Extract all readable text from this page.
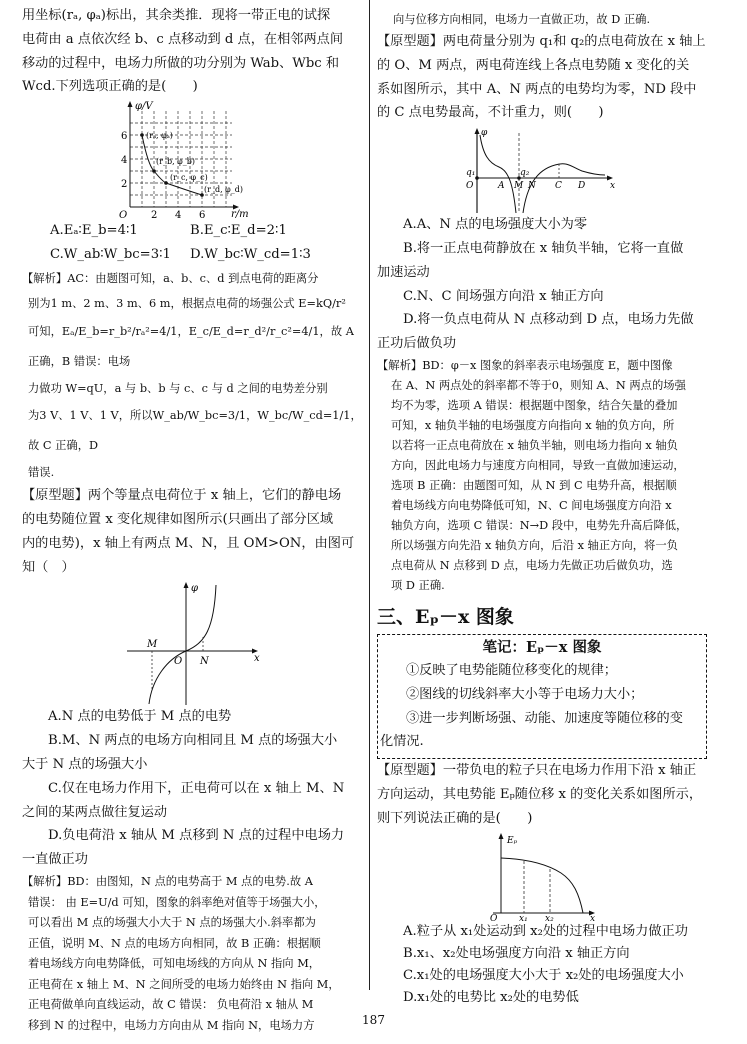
用坐标(rₐ, φₐ)标出，其余类推．现将一带正电的试探

电荷由 a 点依次经 b、c 点移动到 d 点，在相邻两点间

移动的过程中，电场力所做的功分别为 Wab、Wbc 和

Wcd.下列选项正确的是(　　)

φ/V
r/m
O
2
4
6
2 4 6
(rₐ, φₐ)
(r_b, φ_b)
(r_c, φ_c)
(r_d, φ_d)
A.Eₐ∶E_b=4∶1	B.E_c∶E_d=2∶1
C.W_ab∶W_bc=3∶1	D.W_bc∶W_cd=1∶3

【解析】AC：由题图可知，a、b、c、d 到点电荷的距离分

别为1 m、2 m、3 m、6 m，根据点电荷的场强公式 E=kQ/r²

可知，Eₐ/E_b=r_b²/rₐ²=4/1，E_c/E_d=r_d²/r_c²=4/1，故 A 正确，B 错误：电场

力做功 W=qU，a 与 b、b 与 c、c 与 d 之间的电势差分别

为3 V、1 V、1 V，所以W_ab/W_bc=3/1，W_bc/W_cd=1/1，故 C 正确，D

错误.

【原型题】两个等量点电荷位于 x 轴上，它们的静电场

的电势随位置 x 变化规律如图所示(只画出了部分区域

内的电势)，x 轴上有两点 M、N，且 OM>ON，由图可

知（　）

φ
x
O
M
N

A.N 点的电势低于 M 点的电势

B.M、N 两点的电场方向相同且 M 点的场强大小

大于 N 点的场强大小

C.仅在电场力作用下，正电荷可以在 x 轴上 M、N

之间的某两点做往复运动

D.负电荷沿 x 轴从 M 点移到 N 点的过程中电场力

一直做正功

【解析】BD：由图知，N 点的电势高于 M 点的电势.故 A

错误： 由 E=U/d 可知，图象的斜率绝对值等于场强大小，

可以看出 M 点的场强大小大于 N 点的场强大小.斜率都为

正值，说明 M、N 点的电场方向相同，故 B 正确：根据顺

着电场线方向电势降低，可知电场线的方向从 N 指向 M，

正电荷在 x 轴上 M、N 之间所受的电场力始终由 N 指向 M，

正电荷做单向直线运动，故 C 错误： 负电荷沿 x 轴从 M

移到 N 的过程中，电场力方向由从 M 指向 N，电场力方

向与位移方向相同，电场力一直做正功，故 D 正确.

【原型题】两电荷量分别为 q₁和 q₂的点电荷放在 x 轴上

的 O、M 两点，两电荷连线上各点电势随 x 变化的关

系如图所示，其中 A、N 两点的电势均为零，ND 段中

的 C 点电势最高，不计重力，则(　　)

φ
x
q₁	q₂
O	A M N C D

A.A、N 点的电场强度大小为零

B.将一正点电荷静放在 x 轴负半轴，它将一直做

加速运动

C.N、C 间场强方向沿 x 轴正方向

D.将一负点电荷从 N 点移动到 D 点，电场力先做

正功后做负功

【解析】BD：φ－x 图象的斜率表示电场强度 E，题中图像

在 A、N 两点处的斜率都不等于0，则知 A、N 两点的场强

均不为零，选项 A 错误：根据题中图象，结合矢量的叠加

可知，x 轴负半轴的电场强度方向指向 x 轴的负方向，所

以若将一正点电荷放在 x 轴负半轴，则电场力指向 x 轴负

方向，因此电场力与速度方向相同，导致一直做加速运动，

选项 B 正确：由题图可知，从 N 到 C 电势升高，根据顺

着电场线方向电势降低可知，N、C 间电场强度方向沿 x

轴负方向，选项 C 错误：N→D 段中，电势先升高后降低，

所以场强方向先沿 x 轴负方向，后沿 x 轴正方向，将一负

点电荷从 N 点移到 D 点，电场力先做正功后做负功，选

项 D 正确.

三、Eₚ－x 图象

笔记：Eₚ－x 图象

①反映了电势能随位移变化的规律；

②图线的切线斜率大小等于电场力大小；

③进一步判断场强、动能、加速度等随位移的变

化情况.

【原型题】一带负电的粒子只在电场力作用下沿 x 轴正

方向运动，其电势能 Eₚ随位移 x 的变化关系如图所示，

则下列说法正确的是(　　)

Eₚ
x
O x₁ x₂

A.粒子从 x₁处运动到 x₂处的过程中电场力做正功

B.x₁、x₂处电场强度方向沿 x 轴正方向

C.x₁处的电场强度大小大于 x₂处的电场强度大小

D.x₁处的电势比 x₂处的电势低

187
